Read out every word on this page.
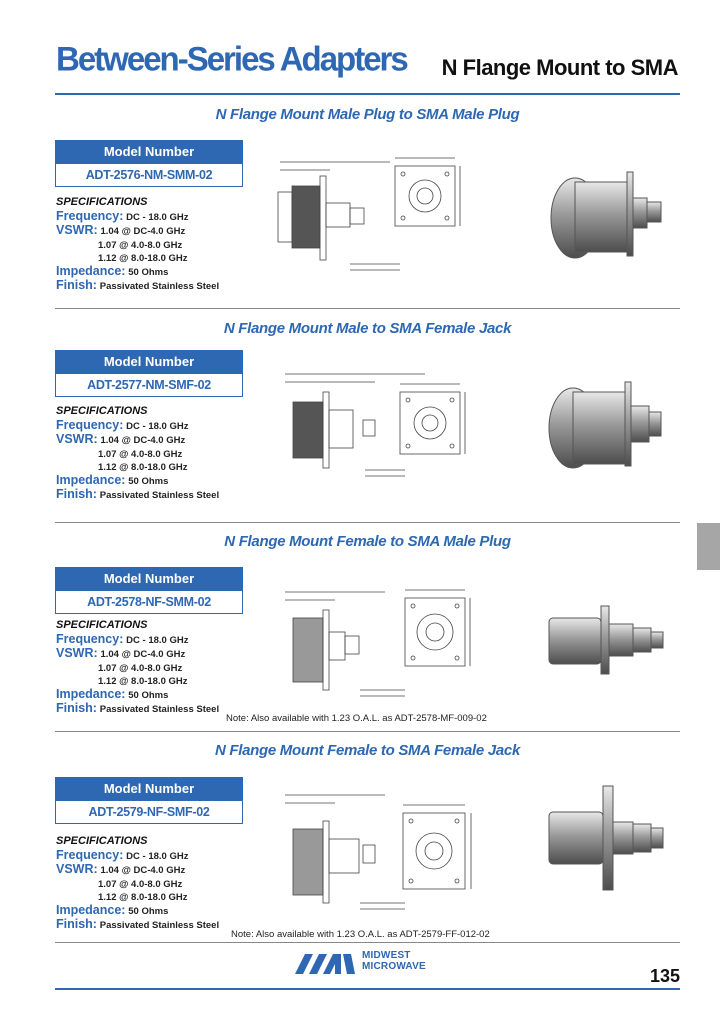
Between-Series Adapters N Flange Mount to SMA
N Flange Mount Male Plug to SMA Male Plug
Model Number
ADT-2576-NM-SMM-02
SPECIFICATIONS
Frequency: DC - 18.0 GHz
VSWR: 1.04 @ DC-4.0 GHz
1.07 @ 4.0-8.0 GHz
1.12 @ 8.0-18.0 GHz
Impedance: 50 Ohms
Finish: Passivated Stainless Steel
N Flange Mount Male to SMA Female Jack
Model Number
ADT-2577-NM-SMF-02
SPECIFICATIONS
Frequency: DC - 18.0 GHz
VSWR: 1.04 @ DC-4.0 GHz
1.07 @ 4.0-8.0 GHz
1.12 @ 8.0-18.0 GHz
Impedance: 50 Ohms
Finish: Passivated Stainless Steel
N Flange Mount Female to SMA Male Plug
Model Number
ADT-2578-NF-SMM-02
SPECIFICATIONS
Frequency: DC - 18.0 GHz
VSWR: 1.04 @ DC-4.0 GHz
1.07 @ 4.0-8.0 GHz
1.12 @ 8.0-18.0 GHz
Impedance: 50 Ohms
Finish: Passivated Stainless Steel
Note: Also available with 1.23 O.A.L. as ADT-2578-MF-009-02
N Flange Mount Female to SMA Female Jack
Model Number
ADT-2579-NF-SMF-02
SPECIFICATIONS
Frequency: DC - 18.0 GHz
VSWR: 1.04 @ DC-4.0 GHz
1.07 @ 4.0-8.0 GHz
1.12 @ 8.0-18.0 GHz
Impedance: 50 Ohms
Finish: Passivated Stainless Steel
Note: Also available with 1.23 O.A.L. as ADT-2579-FF-012-02
MIDWEST
MICROWAVE	135
